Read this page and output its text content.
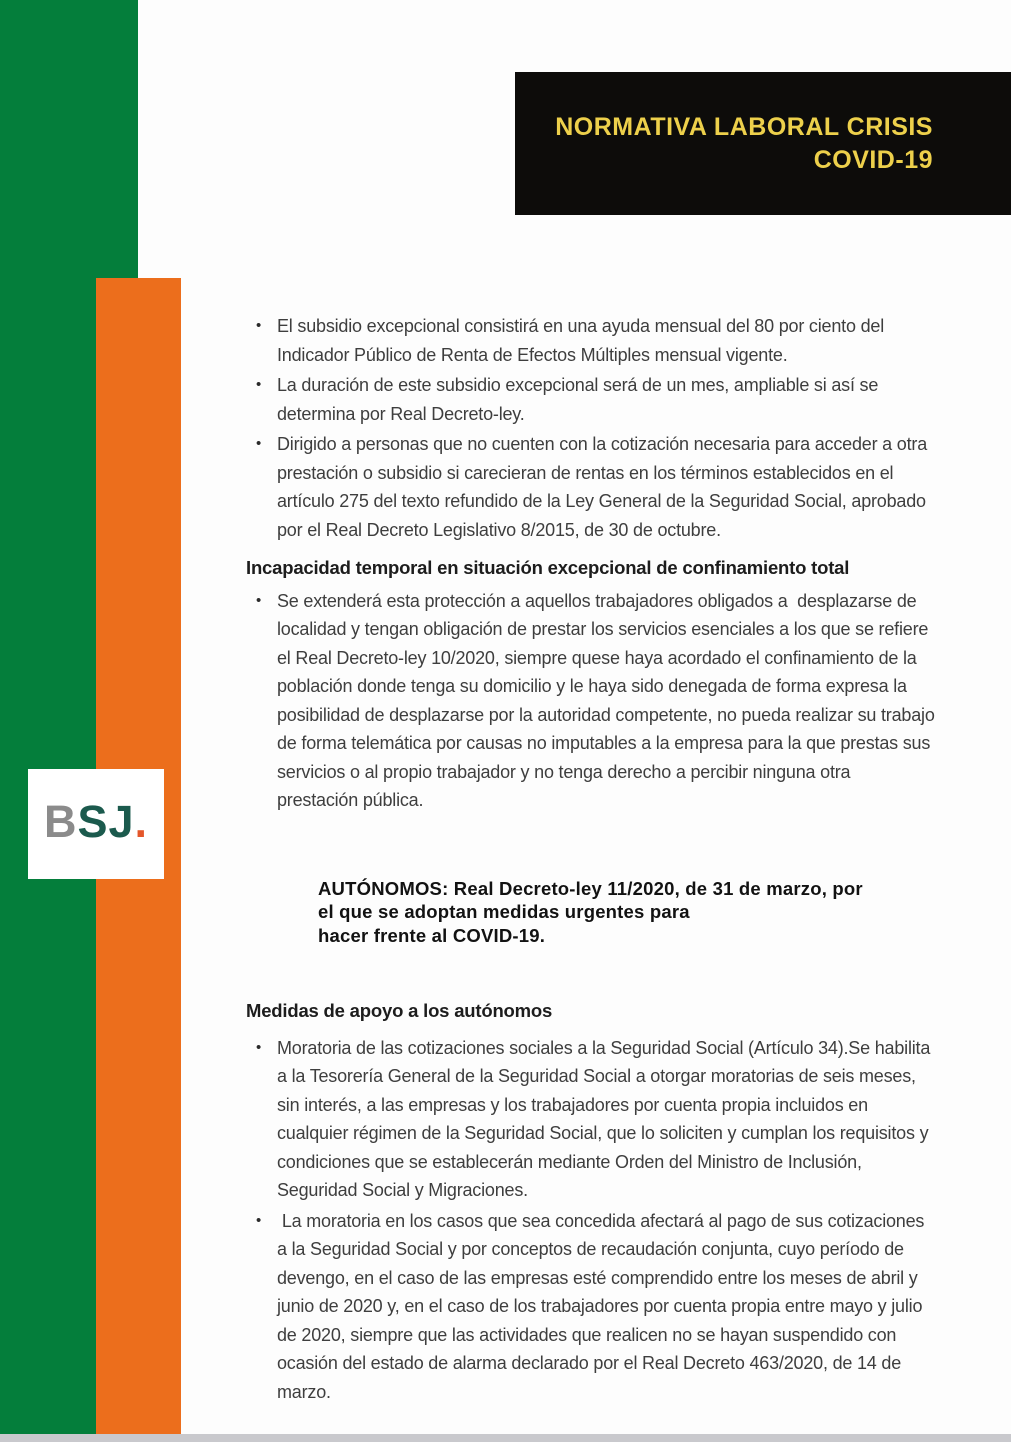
NORMATIVA LABORAL CRISIS
COVID-19
BSJ.
• El subsidio excepcional consistirá en una ayuda mensual del 80 por ciento del Indicador Público de Renta de Efectos Múltiples mensual vigente.
• La duración de este subsidio excepcional será de un mes, ampliable si así se determina por Real Decreto-ley.
• Dirigido a personas que no cuenten con la cotización necesaria para acceder a otra prestación o subsidio si carecieran de rentas en los términos establecidos en el artículo 275 del texto refundido de la Ley General de la Seguridad Social, aprobado por el Real Decreto Legislativo 8/2015, de 30 de octubre.
Incapacidad temporal en situación excepcional de confinamiento total
• Se extenderá esta protección a aquellos trabajadores obligados a  desplazarse de localidad y tengan obligación de prestar los servicios esenciales a los que se refiere el Real Decreto-ley 10/2020, siempre quese haya acordado el confinamiento de la población donde tenga su domicilio y le haya sido denegada de forma expresa la posibilidad de desplazarse por la autoridad competente, no pueda realizar su trabajo de forma telemática por causas no imputables a la empresa para la que prestas sus servicios o al propio trabajador y no tenga derecho a percibir ninguna otra prestación pública.
AUTÓNOMOS: Real Decreto-ley 11/2020, de 31 de marzo, por
el que se adoptan medidas urgentes para
hacer frente al COVID-19.
Medidas de apoyo a los autónomos
• Moratoria de las cotizaciones sociales a la Seguridad Social (Artículo 34).Se habilita a la Tesorería General de la Seguridad Social a otorgar moratorias de seis meses, sin interés, a las empresas y los trabajadores por cuenta propia incluidos en cualquier régimen de la Seguridad Social, que lo soliciten y cumplan los requisitos y condiciones que se establecerán mediante Orden del Ministro de Inclusión, Seguridad Social y Migraciones.
• La moratoria en los casos que sea concedida afectará al pago de sus cotizaciones a la Seguridad Social y por conceptos de recaudación conjunta, cuyo período de devengo, en el caso de las empresas esté comprendido entre los meses de abril y junio de 2020 y, en el caso de los trabajadores por cuenta propia entre mayo y julio de 2020, siempre que las actividades que realicen no se hayan suspendido con ocasión del estado de alarma declarado por el Real Decreto 463/2020, de 14 de marzo.
